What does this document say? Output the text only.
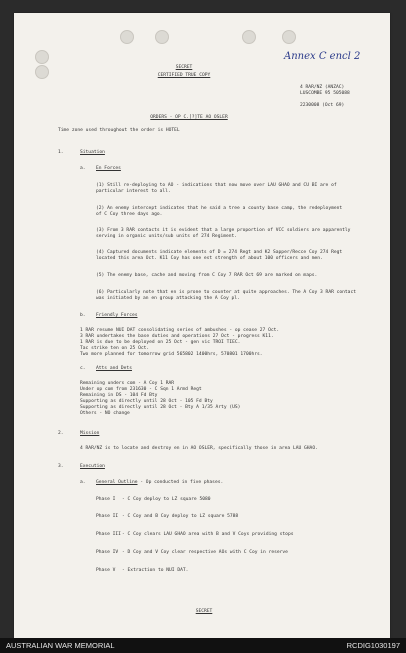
Annex C encl 2
SECRET
CERTIFIED TRUE COPY
4 RAR/NZ (ANZAC)
LUSCOMBE 95 505088
2230008 (Oct 69)
ORDERS - OP C.[?]TE AO OSLER
Time zone used throughout the order is HOTEL
1.	Situation
a. En Forces
(1) Still re-deploying to AO - indications that now move over LAU GHAO and CU BI are of
particular interest to all.
(2) An enemy intercept indicates that he said a tree a county base camp, the redeployment
of C Coy three days ago.
(3) From 3 RAR contacts it is evident that a large proportion of VCC soldiers are apparently
serving in organic units/sub units of 274 Regiment.
(4) Captured documents indicate elements of D = 274 Regt and K2 Sapper/Recce Coy 274 Regt
located this area Oct. K11 Coy has one est strength of about 100 officers and men.
(5) The enemy base, cache and moving from C Coy 7 RAR Oct 69 are marked on maps.
(6) Particularly note that en is prone to counter at quite approaches. The A Coy 3 RAR contact
was initiated by an en group attacking the A Coy pl.
b. Friendly Forces
1 RAR resume NUI DAT consolidating series of ambushes - op cease 27 Oct.
3 RAR undertakes the base duties and operations 27 Oct - progress K11.
1 RAR is due to be deployed on 25 Oct - gen vic TROI TIEC.
Tac strike ten on 25 Oct.
Two more planned for tomorrow grid 565802 1400hrs, 570801 1700hrs.
c. Atts and Dets
Remaining unders com - A Coy 1 RAR
Under op com from 231630 - C Sqn 1 Armd Regt
Remaining in DS - 104 Fd Bty
Supporting as directly until 28 Oct - 105 Fd Bty
Supporting as directly until 28 Oct - Bty A 1/35 Arty (US)
Others - NO change
2.	Mission
4 RAR/NZ is to locate and destroy en in AO OSLER, specifically those in area LAU GHAO.
3.	Execution
a. General Outline - Op conducted in five phases.
Phase I - C Coy deploy to LZ square 5080
Phase II - C Coy and B Coy deploy to LZ square 5788
Phase III - C Coy clears LAU GHAO area with B and V Coys providing stops
Phase IV - D Coy and V Coy clear respective AOs with C Coy in reserve
Phase V - Extraction to NUI DAT.
SECRET
AUSTRALIAN WAR MEMORIAL	RCDIG1030197
